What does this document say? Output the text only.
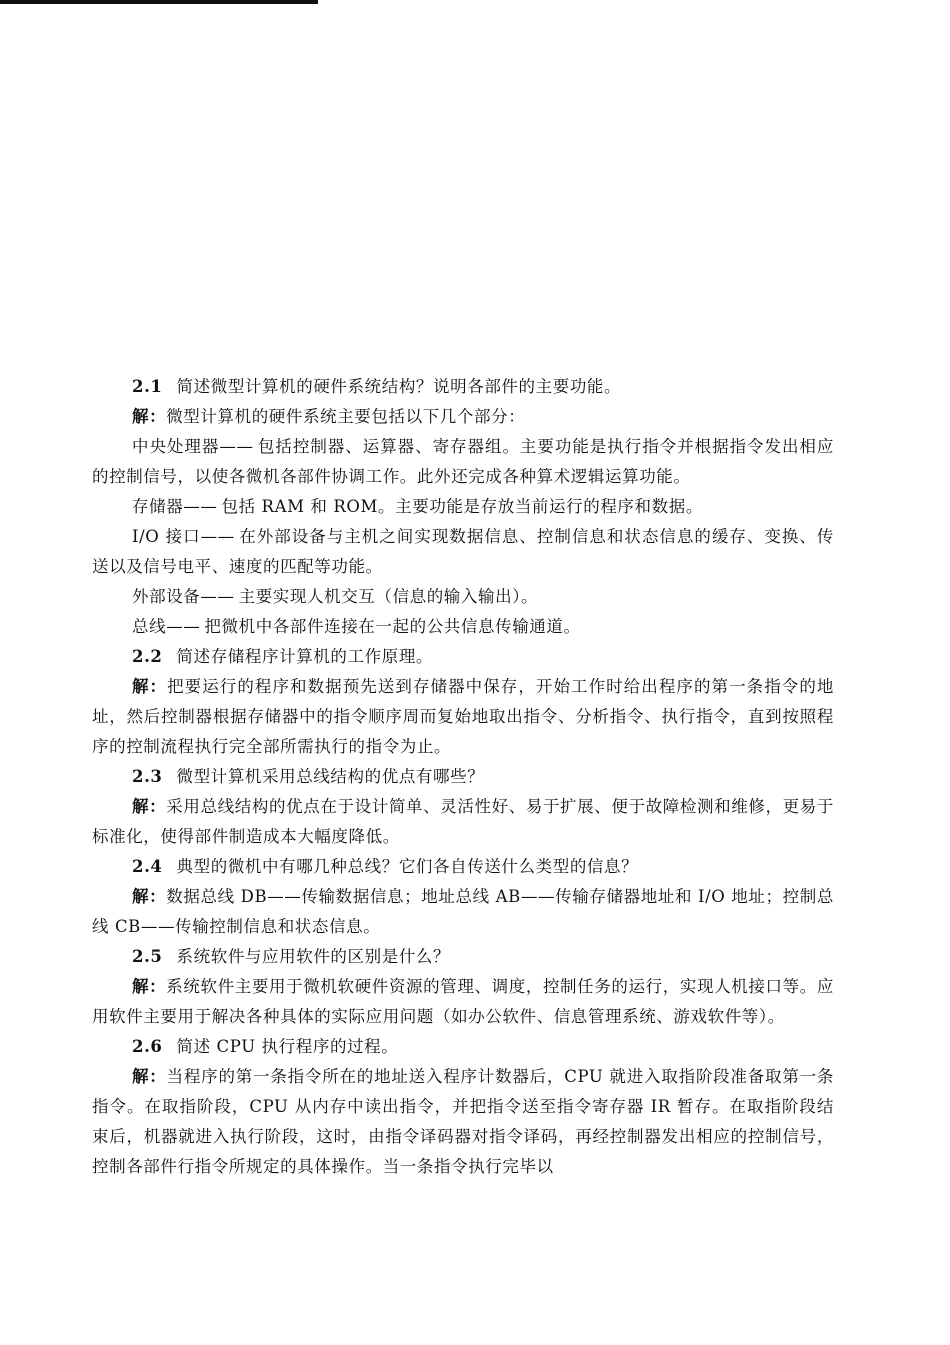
2.1 简述微型计算机的硬件系统结构？说明各部件的主要功能。

解：微型计算机的硬件系统主要包括以下几个部分：

中央处理器—— 包括控制器、运算器、寄存器组。主要功能是执行指令并根据指令发出相应的控制信号，以使各微机各部件协调工作。此外还完成各种算术逻辑运算功能。

存储器—— 包括 RAM 和 ROM。主要功能是存放当前运行的程序和数据。

I/O 接口—— 在外部设备与主机之间实现数据信息、控制信息和状态信息的缓存、变换、传送以及信号电平、速度的匹配等功能。

外部设备—— 主要实现人机交互（信息的输入输出）。

总线—— 把微机中各部件连接在一起的公共信息传输通道。

2.2 简述存储程序计算机的工作原理。

解：把要运行的程序和数据预先送到存储器中保存，开始工作时给出程序的第一条指令的地址，然后控制器根据存储器中的指令顺序周而复始地取出指令、分析指令、执行指令，直到按照程序的控制流程执行完全部所需执行的指令为止。

2.3 微型计算机采用总线结构的优点有哪些？

解：采用总线结构的优点在于设计简单、灵活性好、易于扩展、便于故障检测和维修，更易于标准化，使得部件制造成本大幅度降低。

2.4 典型的微机中有哪几种总线？它们各自传送什么类型的信息？

解：数据总线 DB——传输数据信息；地址总线 AB——传输存储器地址和 I/O 地址；控制总线 CB——传输控制信息和状态信息。

2.5 系统软件与应用软件的区别是什么？

解：系统软件主要用于微机软硬件资源的管理、调度，控制任务的运行，实现人机接口等。应用软件主要用于解决各种具体的实际应用问题（如办公软件、信息管理系统、游戏软件等）。

2.6 简述 CPU 执行程序的过程。

解：当程序的第一条指令所在的地址送入程序计数器后，CPU 就进入取指阶段准备取第一条指令。在取指阶段，CPU 从内存中读出指令，并把指令送至指令寄存器 IR 暂存。在取指阶段结束后，机器就进入执行阶段，这时，由指令译码器对指令译码，再经控制器发出相应的控制信号，控制各部件行指令所规定的具体操作。当一条指令执行完毕以
